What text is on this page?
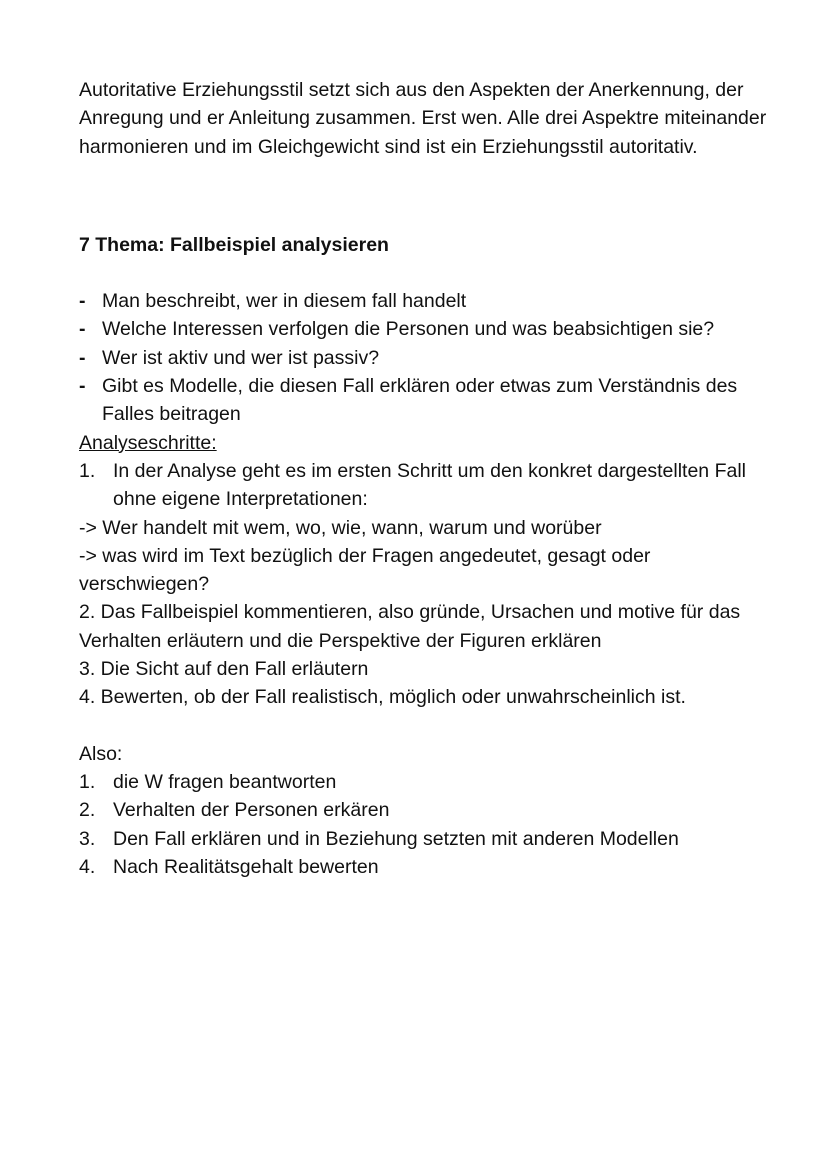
Autoritative Erziehungsstil setzt sich aus den Aspekten der Anerkennung, der Anregung und er Anleitung zusammen. Erst wen. Alle drei Aspektre miteinander harmonieren und im Gleichgewicht sind ist ein Erziehungsstil autoritativ.

7 Thema: Fallbeispiel analysieren

- Man beschreibt, wer in diesem fall handelt
- Welche Interessen verfolgen die Personen und was beabsichtigen sie?
- Wer ist aktiv und wer ist passiv?
- Gibt es Modelle, die diesen Fall erklären oder etwas zum Verständnis des Falles beitragen

Analyseschritte:

1. In der Analyse geht es im ersten Schritt um den konkret dargestellten Fall ohne eigene Interpretationen:

-> Wer handelt mit wem, wo, wie, wann, warum und worüber

-> was wird im Text bezüglich der Fragen angedeutet, gesagt oder verschwiegen?

2. Das Fallbeispiel kommentieren, also gründe, Ursachen und motive für das Verhalten erläutern und die Perspektive der Figuren erklären

3. Die Sicht auf den Fall erläutern

4. Bewerten, ob der Fall realistisch, möglich oder unwahrscheinlich ist.

Also:

1. die W fragen beantworten
2. Verhalten der Personen erkären
3. Den Fall erklären und in Beziehung setzten mit anderen Modellen
4. Nach Realitätsgehalt bewerten
